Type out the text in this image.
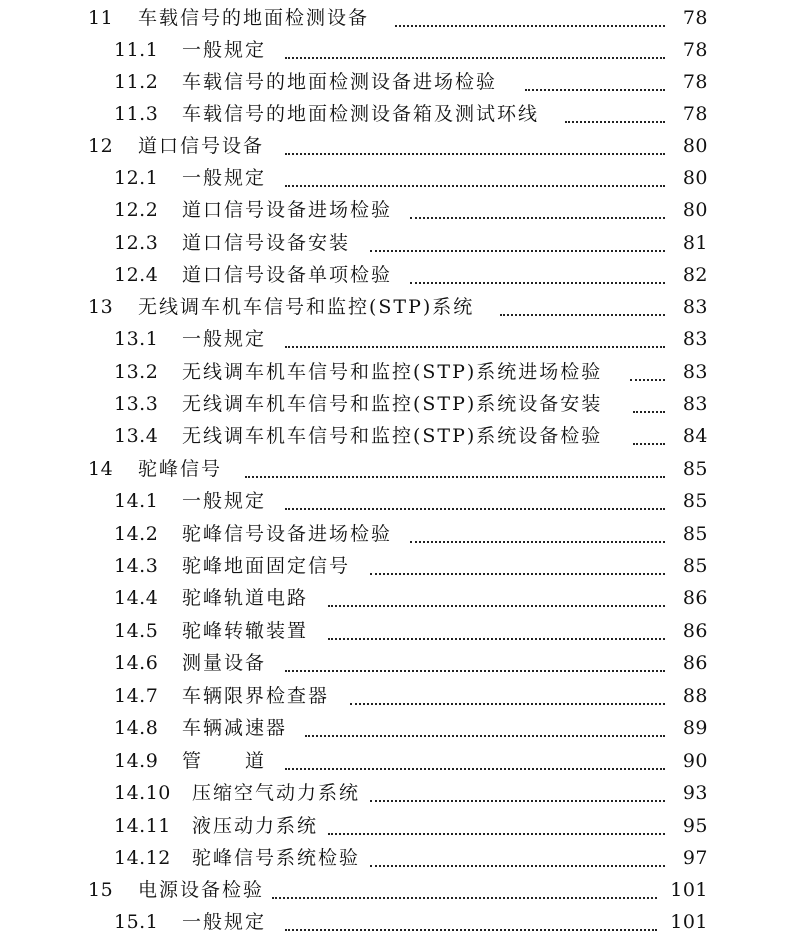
11 车载信号的地面检测设备	78
11.1 一般规定	78
11.2 车载信号的地面检测设备进场检验	78
11.3 车载信号的地面检测设备箱及测试环线	78
12 道口信号设备	80
12.1 一般规定	80
12.2 道口信号设备进场检验	80
12.3 道口信号设备安装	81
12.4 道口信号设备单项检验	82
13 无线调车机车信号和监控(STP)系统	83
13.1 一般规定	83
13.2 无线调车机车信号和监控(STP)系统进场检验	83
13.3 无线调车机车信号和监控(STP)系统设备安装	83
13.4 无线调车机车信号和监控(STP)系统设备检验	84
14 驼峰信号	85
14.1 一般规定	85
14.2 驼峰信号设备进场检验	85
14.3 驼峰地面固定信号	85
14.4 驼峰轨道电路	86
14.5 驼峰转辙装置	86
14.6 测量设备	86
14.7 车辆限界检查器	88
14.8 车辆减速器	89
14.9 管　　道	90
14.10 压缩空气动力系统	93
14.11 液压动力系统	95
14.12 驼峰信号系统检验	97
15 电源设备检验	101
15.1 一般规定	101
